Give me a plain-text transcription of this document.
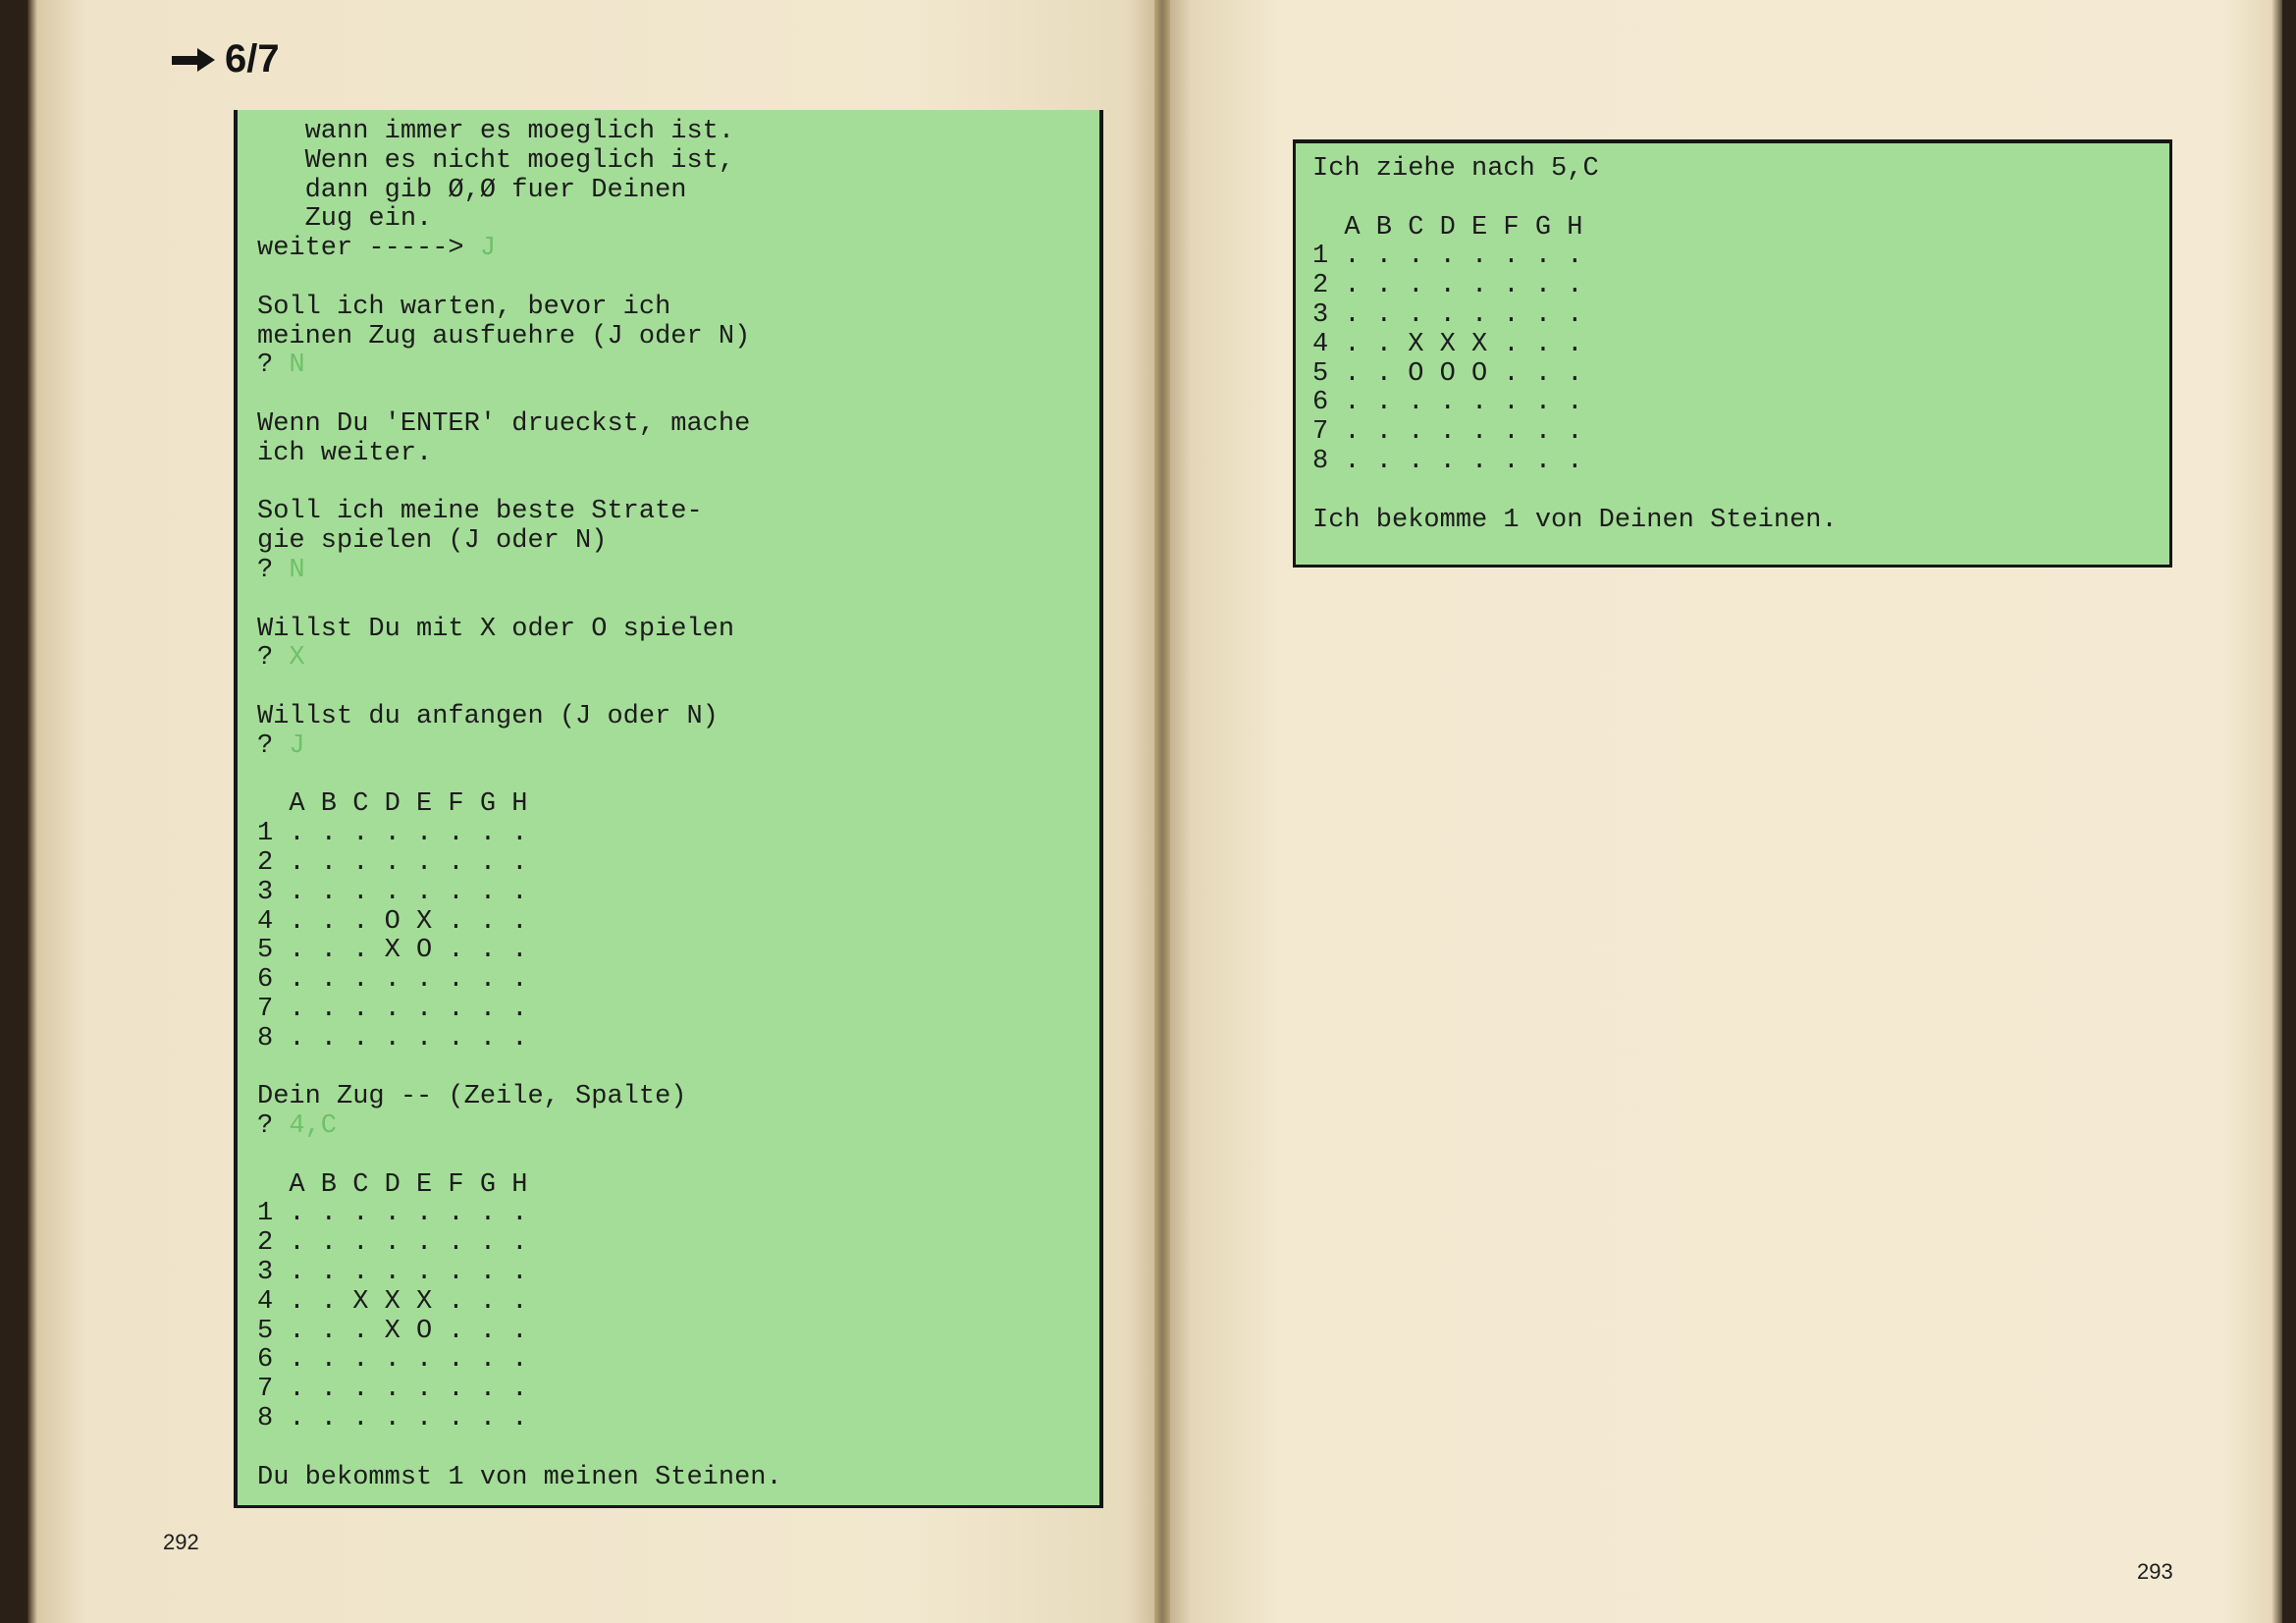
6/7
wann immer es moeglich ist.
Wenn es nicht moeglich ist,
dann gib Ø,Ø fuer Deinen
Zug ein.
weiter -----> J
Soll ich warten, bevor ich
meinen Zug ausfuehre (J oder N)
? N
Wenn Du 'ENTER' drueckst, mache
ich weiter.
Soll ich meine beste Strate-
gie spielen (J oder N)
? N
Willst Du mit X oder O spielen
? X
Willst du anfangen (J oder N)
? J
A B C D E F G H
1 . . . . . . . .
2 . . . . . . . .
3 . . . . . . . .
4 . . . O X . . .
5 . . . X O . . .
6 . . . . . . . .
7 . . . . . . . .
8 . . . . . . . .
Dein Zug -- (Zeile, Spalte)
? 4,C
A B C D E F G H
1 . . . . . . . .
2 . . . . . . . .
3 . . . . . . . .
4 . . X X X . . .
5 . . . X O . . .
6 . . . . . . . .
7 . . . . . . . .
8 . . . . . . . .
Du bekommst 1 von meinen Steinen.
Ich ziehe nach 5,C
A B C D E F G H
1 . . . . . . . .
2 . . . . . . . .
3 . . . . . . . .
4 . . X X X . . .
5 . . O O O . . .
6 . . . . . . . .
7 . . . . . . . .
8 . . . . . . . .
Ich bekomme 1 von Deinen Steinen.
292
293
